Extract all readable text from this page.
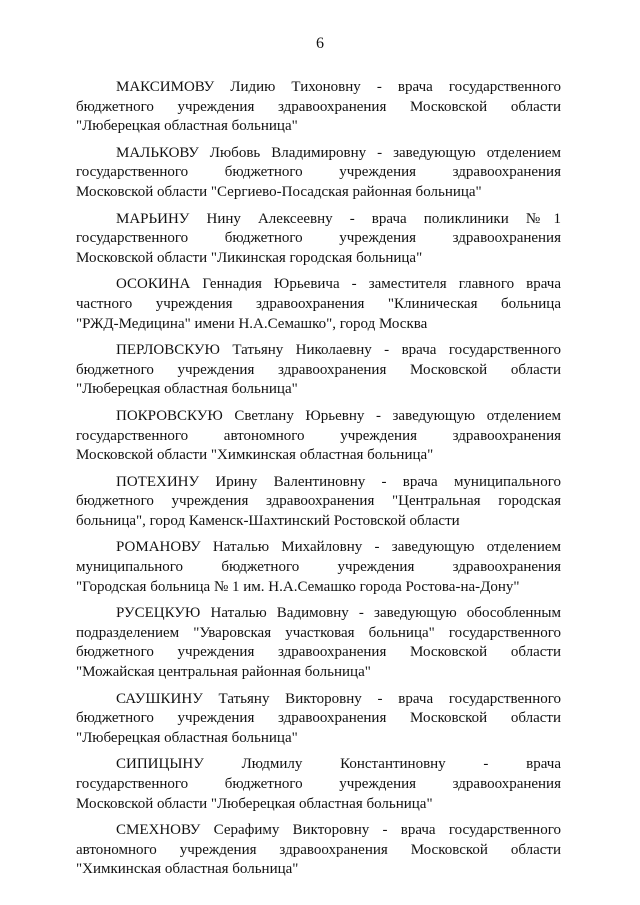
6
МАКСИМОВУ Лидию Тихоновну - врача государственного
бюджетного учреждения здравоохранения Московской области
"Люберецкая областная больница"
МАЛЬКОВУ Любовь Владимировну - заведующую отделением
государственного бюджетного учреждения здравоохранения
Московской области "Сергиево-Посадская районная больница"
МАРЬИНУ Нину Алексеевну - врача поликлиники №1
государственного бюджетного учреждения здравоохранения
Московской области "Ликинская городская больница"
ОСОКИНА Геннадия Юрьевича - заместителя главного врача
частного учреждения здравоохранения "Клиническая больница
"РЖД-Медицина" имени Н.А.Семашко", город Москва
ПЕРЛОВСКУЮ Татьяну Николаевну - врача государственного
бюджетного учреждения здравоохранения Московской области
"Люберецкая областная больница"
ПОКРОВСКУЮ Светлану Юрьевну - заведующую отделением
государственного автономного учреждения здравоохранения
Московской области "Химкинская областная больница"
ПОТЕХИНУ Ирину Валентиновну - врача муниципального
бюджетного учреждения здравоохранения "Центральная городская
больница", город Каменск-Шахтинский Ростовской области
РОМАНОВУ Наталью Михайловну - заведующую отделением
муниципального бюджетного учреждения здравоохранения
"Городская больница № 1 им. Н.А.Семашко города Ростова-на-Дону"
РУСЕЦКУЮ Наталью Вадимовну - заведующую обособленным
подразделением "Уваровская участковая больница" государственного
бюджетного учреждения здравоохранения Московской области
"Можайская центральная районная больница"
САУШКИНУ Татьяну Викторовну - врача государственного
бюджетного учреждения здравоохранения Московской области
"Люберецкая областная больница"
СИПИЦЫНУ Людмилу Константиновну - врача
государственного бюджетного учреждения здравоохранения
Московской области "Люберецкая областная больница"
СМЕХНОВУ Серафиму Викторовну - врача государственного
автономного учреждения здравоохранения Московской области
"Химкинская областная больница"
